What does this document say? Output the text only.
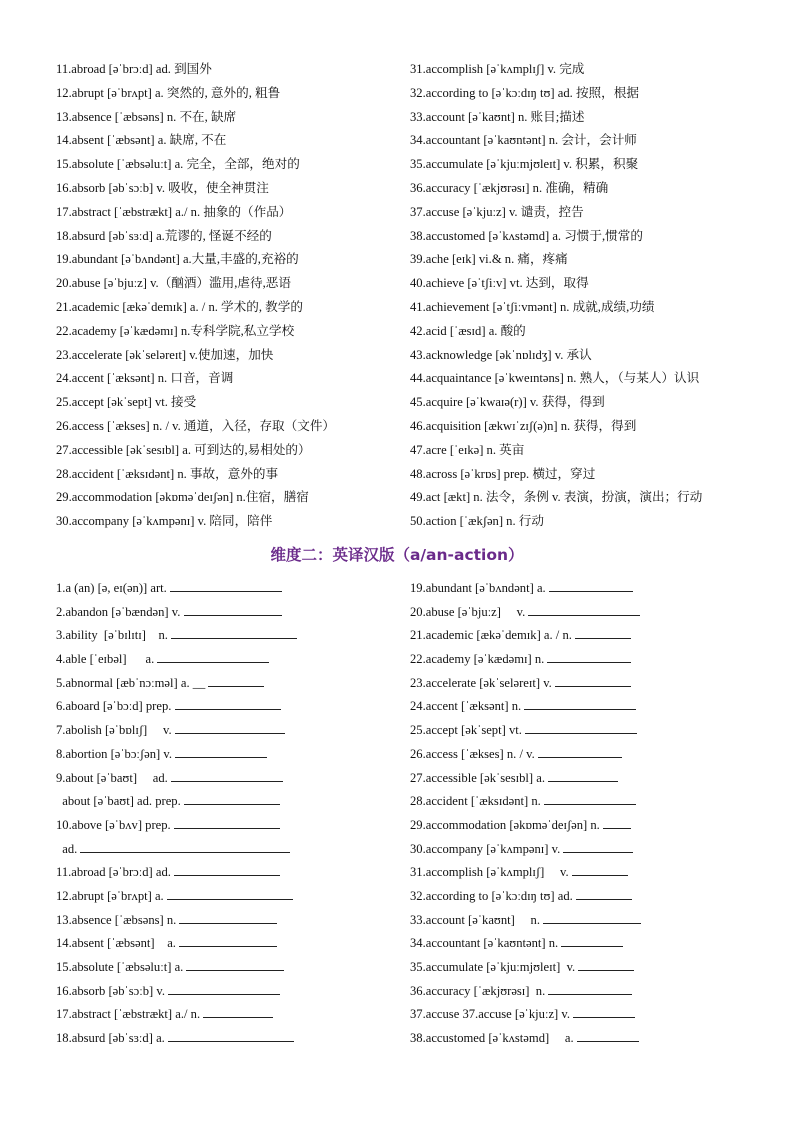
11.abroad [əˈbrɔːd] ad. 到国外
12.abrupt [əˈbrʌpt] a. 突然的, 意外的, 粗鲁
13.absence [ˈæbsəns] n. 不在, 缺席
14.absent [ˈæbsənt] a. 缺席, 不在
15.absolute [ˈæbsəluːt] a. 完全，全部，绝对的
16.absorb [əbˈsɔːb] v. 吸收，使全神贯注
17.abstract [ˈæbstrækt] a./ n. 抽象的（作品）
18.absurd [əbˈsɜːd] a.荒谬的, 怪诞不经的
19.abundant [əˈbʌndənt] a.大量,丰盛的,充裕的
20.abuse [əˈbjuːz] v.（酗酒）滥用,虐待,恶语
21.academic [ækəˈdemɪk] a. / n. 学术的, 教学的
22.academy [əˈkædəmɪ] n.专科学院,私立学校
23.accelerate [əkˈseləreɪt] v.使加速，加快
24.accent [ˈæksənt] n. 口音，音调
25.accept [əkˈsept] vt. 接受
26.access [ˈækses] n. / v. 通道，入径，存取（文件）
27.accessible [əkˈsesɪbl] a. 可到达的,易相处的）
28.accident [ˈæksɪdənt] n. 事故，意外的事
29.accommodation [əkɒməˈdeɪʃən] n.住宿，膳宿
30.accompany [əˈkʌmpənɪ] v. 陪同，陪伴
31.accomplish [əˈkʌmplɪʃ] v. 完成
32.according to [əˈkɔːdɪŋ tʊ] ad. 按照，根据
33.account [əˈkaʊnt] n. 账目;描述
34.accountant [əˈkaʊntənt] n. 会计，会计师
35.accumulate [əˈkjuːmjʊleɪt] v. 积累，积聚
36.accuracy [ˈækjʊrəsɪ] n. 准确，精确
37.accuse [əˈkjuːz] v. 谴责，控告
38.accustomed [əˈkʌstəmd] a. 习惯于,惯常的
39.ache [eɪk] vi.& n. 痛，疼痛
40.achieve [əˈtʃiːv] vt. 达到，取得
41.achievement [əˈtʃiːvmənt] n. 成就,成绩,功绩
42.acid [ˈæsɪd] a. 酸的
43.acknowledge [əkˈnɒlɪdʒ] v. 承认
44.acquaintance [əˈkweɪntəns] n. 熟人，（与某人）认识
45.acquire [əˈkwaɪə(r)] v. 获得，得到
46.acquisition [ækwɪˈzɪʃ(ə)n] n. 获得，得到
47.acre [ˈeɪkə] n. 英亩
48.across [əˈkrɒs] prep. 横过，穿过
49.act [ækt] n. 法令，条例 v. 表演，扮演，演出；行动
50.action [ˈækʃən] n. 行动
维度二：英译汉版（a/an-action）
1.a (an) [ə, eɪ(ən)] art.
2.abandon [əˈbændən] v.
3.ability  [əˈbɪlɪtɪ]    n.
4.able [ˈeɪbəl]      a.
5.abnormal [æbˈnɔːməl] a. __
6.aboard [əˈbɔːd] prep.
7.abolish [əˈbɒlɪʃ]     v.
8.abortion [əˈbɔːʃən] v.
9.about [əˈbaʊt]     ad.
about [əˈbaʊt] ad. prep.
10.above [əˈbʌv] prep.
ad.
11.abroad [əˈbrɔːd] ad.
12.abrupt [əˈbrʌpt] a.
13.absence [ˈæbsəns] n.
14.absent [ˈæbsənt]    a.
15.absolute [ˈæbsəluːt] a.
16.absorb [əbˈsɔːb] v.
17.abstract [ˈæbstrækt] a./ n.
18.absurd [əbˈsɜːd] a.
19.abundant [əˈbʌndənt] a.
20.abuse [əˈbjuːz]     v.
21.academic [ækəˈdemɪk] a. / n.
22.academy [əˈkædəmɪ] n.
23.accelerate [əkˈseləreɪt] v.
24.accent [ˈæksənt] n.
25.accept [əkˈsept] vt.
26.access [ˈækses] n. / v.
27.accessible [əkˈsesɪbl] a.
28.accident [ˈæksɪdənt] n.
29.accommodation [əkɒməˈdeɪʃən] n.
30.accompany [əˈkʌmpənɪ] v.
31.accomplish [əˈkʌmplɪʃ]     v.
32.according to [əˈkɔːdɪŋ tʊ] ad.
33.account [əˈkaʊnt]     n.
34.accountant [əˈkaʊntənt] n.
35.accumulate [əˈkjuːmjʊleɪt]  v.
36.accuracy [ˈækjʊrəsɪ]  n.
37.accuse 37.accuse [əˈkjuːz] v.
38.accustomed [əˈkʌstəmd]     a.
